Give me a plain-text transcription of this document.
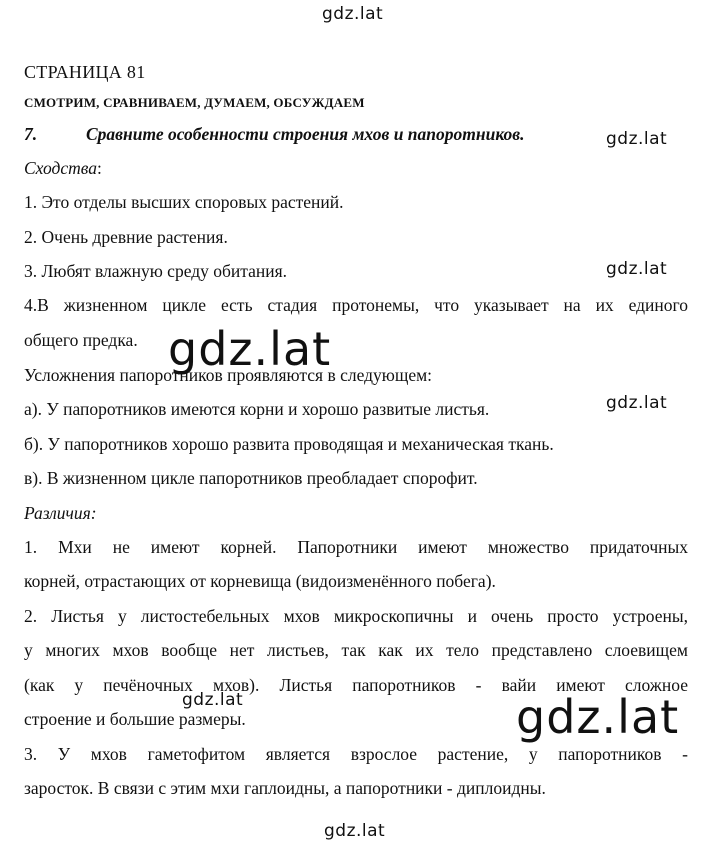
gdz.lat
gdz.lat
gdz.lat
gdz.lat
gdz.lat
gdz.lat	gdz.lat
gdz.lat
СТРАНИЦА 81
СМОТРИМ, СРАВНИВАЕМ, ДУМАЕМ, ОБСУЖДАЕМ
7.	Сравните особенности строения мхов и папоротников.
Сходства:
1. Это отделы высших споровых растений.
2. Очень древние растения.
3. Любят влажную среду обитания.
4.В жизненном цикле есть стадия протонемы, что указывает на их единого
общего предка.
Усложнения папоротников проявляются в следующем:
а). У папоротников имеются корни и хорошо развитые листья.
б). У папоротников хорошо развита проводящая и механическая ткань.
в). В жизненном цикле папоротников преобладает спорофит.
Различия:
1. Мхи не имеют корней. Папоротники имеют множество придаточных
корней, отрастающих от корневища (видоизменённого побега).
2. Листья у листостебельных мхов микроскопичны и очень просто устроены,
у многих мхов вообще нет листьев, так как их тело представлено слоевищем
(как у печёночных мхов). Листья папоротников - вайи имеют сложное
строение и большие размеры.
3. У мхов гаметофитом является взрослое растение, у папоротников -
заросток. В связи с этим мхи гаплоидны, а папоротники - диплоидны.
